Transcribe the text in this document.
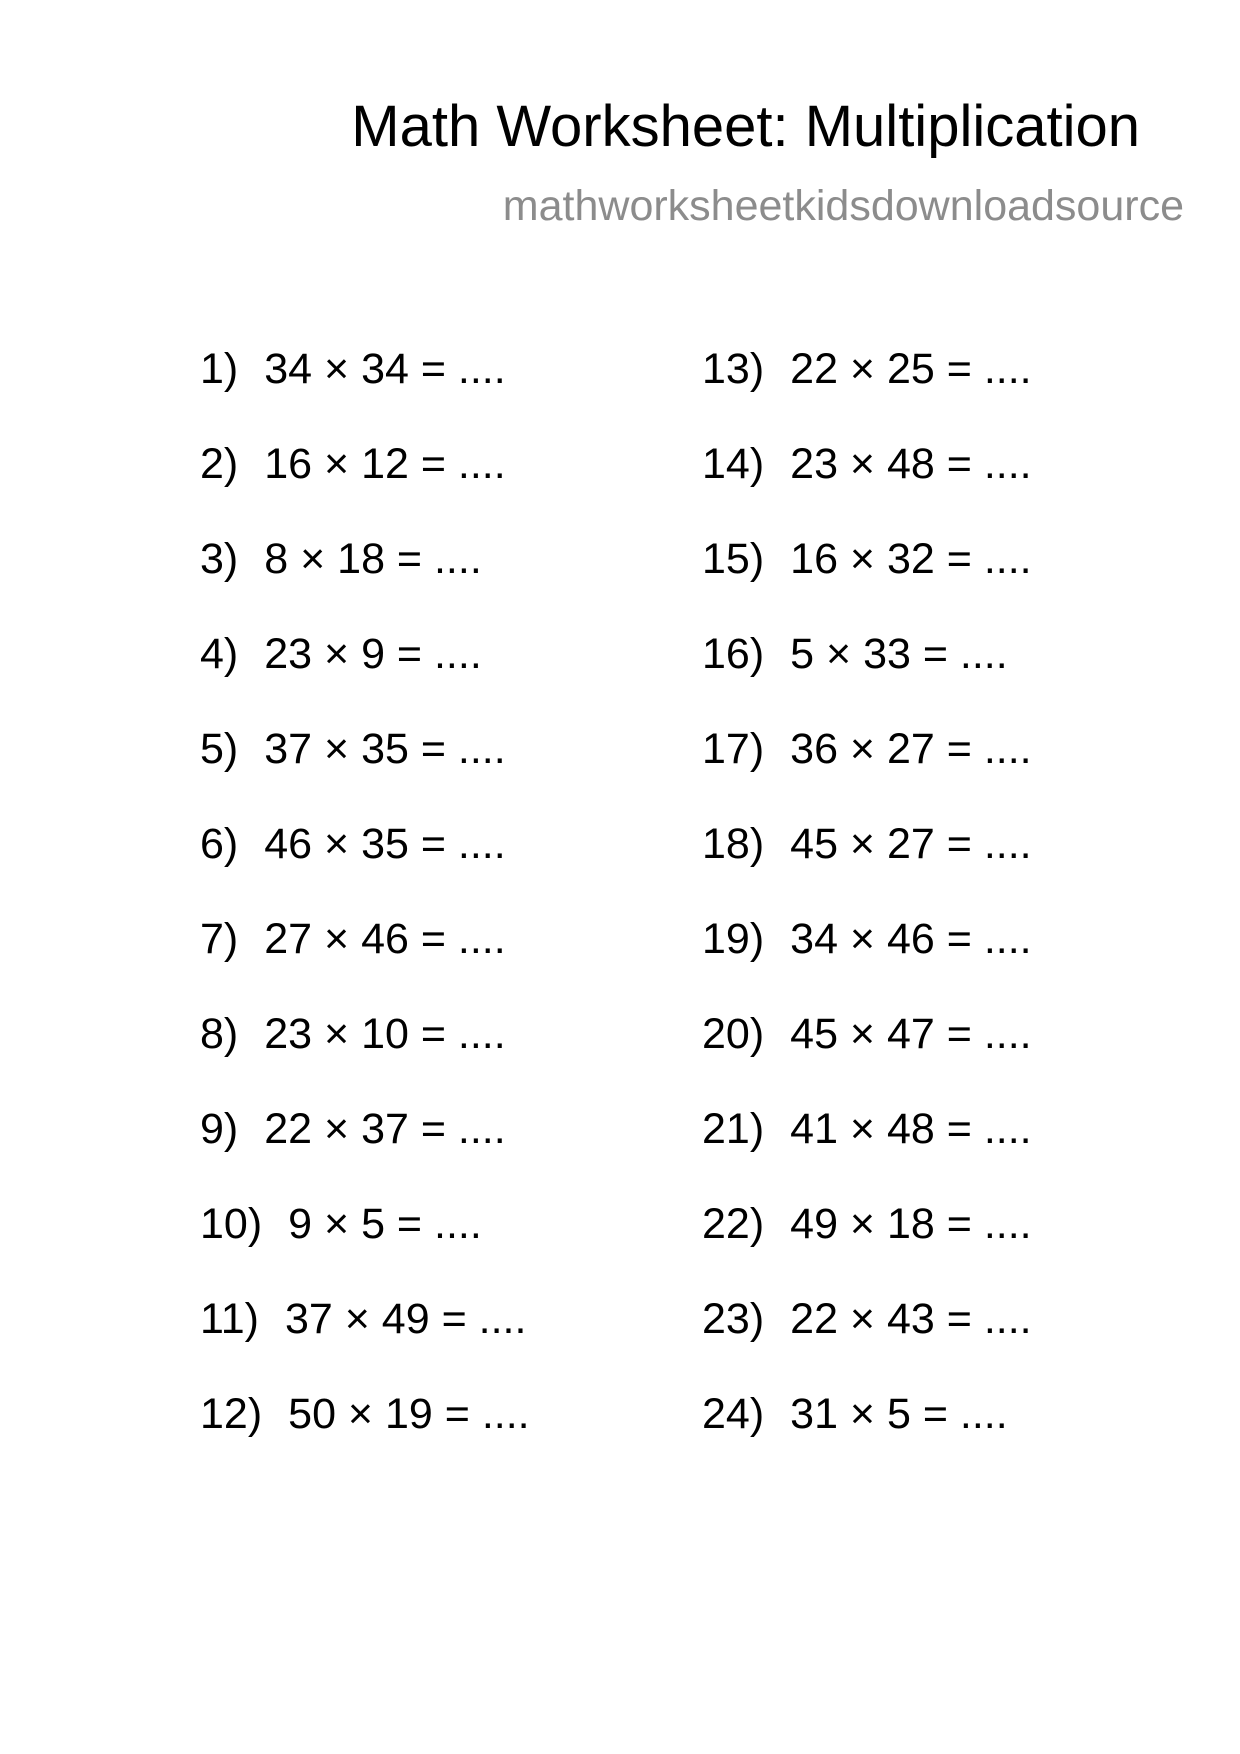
Math Worksheet: Multiplication
mathworksheetkidsdownloadsource
1) 34 × 34 = ....
2) 16 × 12 = ....
3) 8 × 18 = ....
4) 23 × 9 = ....
5) 37 × 35 = ....
6) 46 × 35 = ....
7) 27 × 46 = ....
8) 23 × 10 = ....
9) 22 × 37 = ....
10) 9 × 5 = ....
11) 37 × 49 = ....
12) 50 × 19 = ....
13) 22 × 25 = ....
14) 23 × 48 = ....
15) 16 × 32 = ....
16) 5 × 33 = ....
17) 36 × 27 = ....
18) 45 × 27 = ....
19) 34 × 46 = ....
20) 45 × 47 = ....
21) 41 × 48 = ....
22) 49 × 18 = ....
23) 22 × 43 = ....
24) 31 × 5 = ....
